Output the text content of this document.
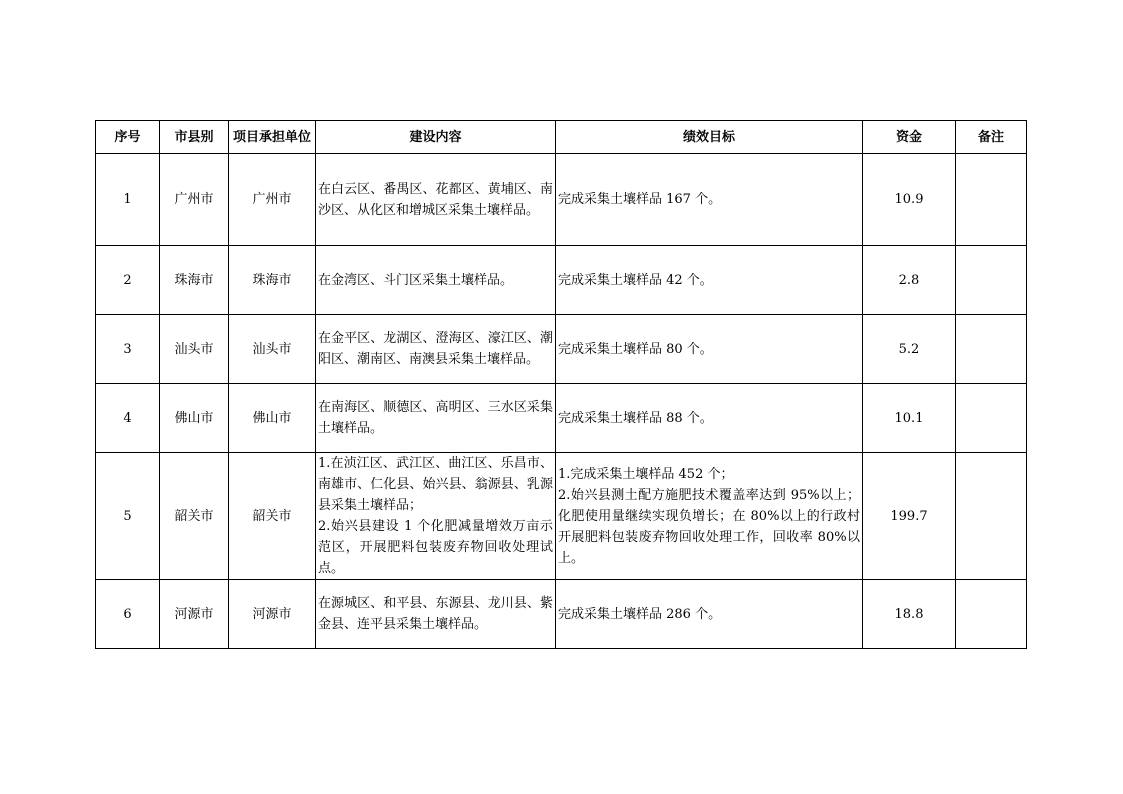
序号	市县别	项目承担单位	建设内容	绩效目标	资金	备注
1	广州市	广州市	在白云区、番禺区、花都区、黄埔区、南沙区、从化区和增城区采集土壤样品。	完成采集土壤样品 167 个。	10.9	
2	珠海市	珠海市	在金湾区、斗门区采集土壤样品。	完成采集土壤样品 42 个。	2.8	
3	汕头市	汕头市	在金平区、龙湖区、澄海区、濠江区、潮阳区、潮南区、南澳县采集土壤样品。	完成采集土壤样品 80 个。	5.2	
4	佛山市	佛山市	在南海区、顺德区、高明区、三水区采集土壤样品。	完成采集土壤样品 88 个。	10.1	
5	韶关市	韶关市	1.在浈江区、武江区、曲江区、乐昌市、南雄市、仁化县、始兴县、翁源县、乳源县采集土壤样品；
2.始兴县建设 1 个化肥减量增效万亩示范区，开展肥料包装废弃物回收处理试点。	1.完成采集土壤样品 452 个；
2.始兴县测土配方施肥技术覆盖率达到 95%以上；化肥使用量继续实现负增长；在 80%以上的行政村开展肥料包装废弃物回收处理工作，回收率 80%以上。	199.7	
6	河源市	河源市	在源城区、和平县、东源县、龙川县、紫金县、连平县采集土壤样品。	完成采集土壤样品 286 个。	18.8	
